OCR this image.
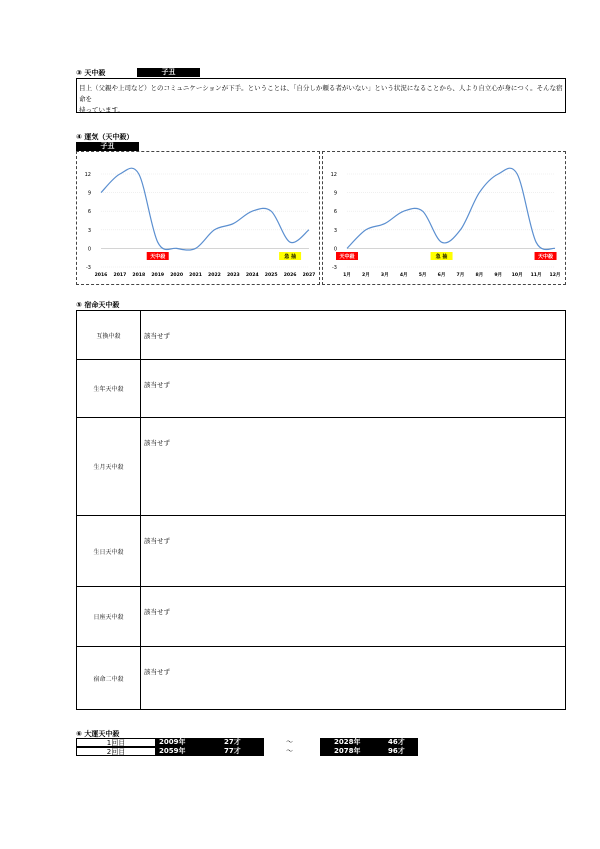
③ 天中殺	子丑
目上（父親や上司など）とのコミュニケーションが下手。ということは、「自分しか頼る者がいない」という状況になることから、人より自立心が身につく。そんな宿命を
持っています。
④ 運気（天中殺）
子丑
12
9
6
3
0
-3
2016 2017 2018 2019 2020 2021 2022 2023 2024 2025 2026 2027
天中殺	急 抽
12
9
6
3
0
-3
1月 2月 3月 4月 5月 6月 7月 8月 9月 10月 11月 12月
天中殺	急 抽	天中殺
⑤ 宿命天中殺
互換中殺	該当せず
生年天中殺	該当せず
生月天中殺	該当せず
生日天中殺	該当せず
日座天中殺	該当せず
宿命二中殺	該当せず
⑥ 大運天中殺
1回目	2009年	27才	～	2028年	46才
2回目	2059年	77才	～	2078年	96才
